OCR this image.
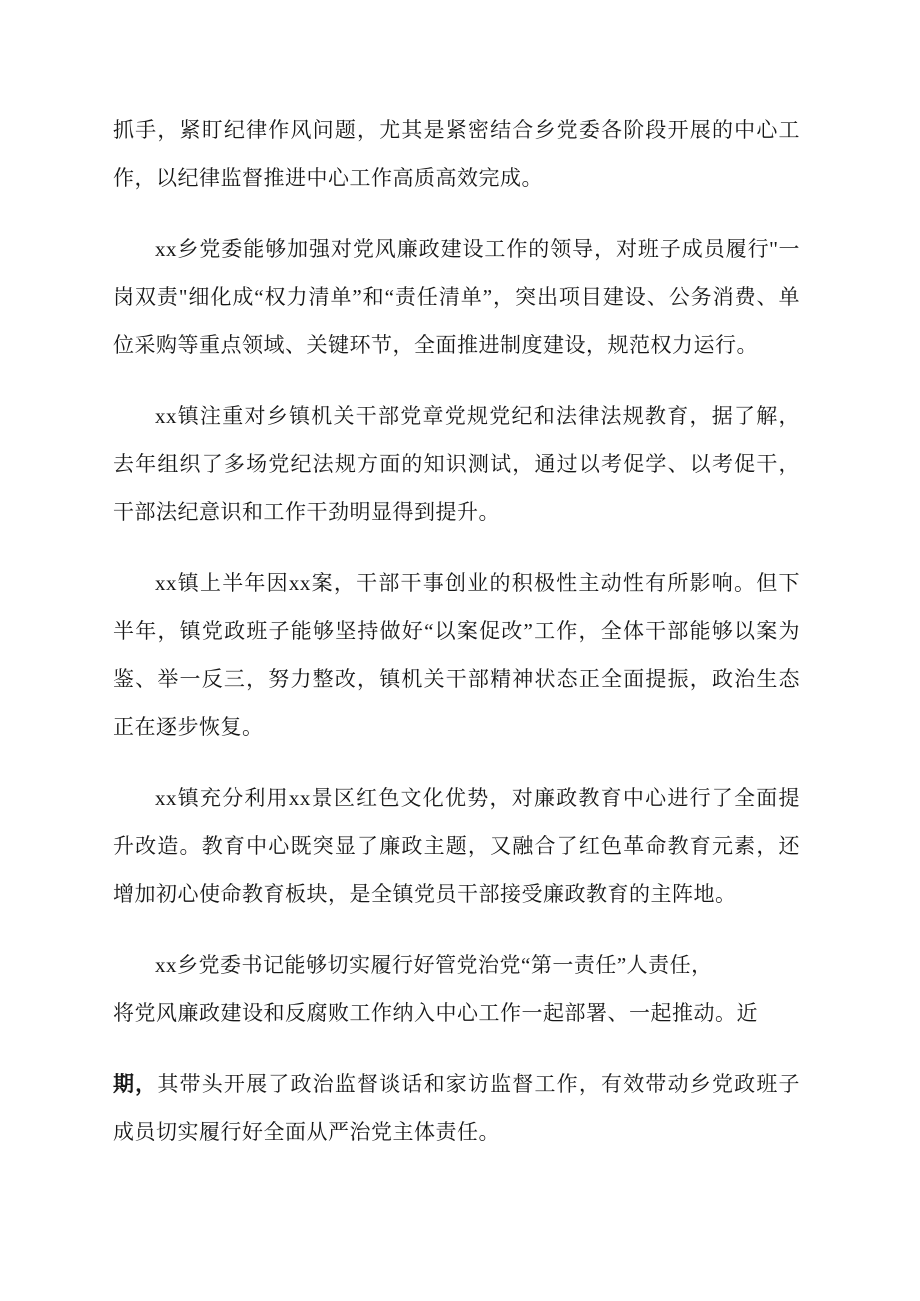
抓手，紧盯纪律作风问题，尤其是紧密结合乡党委各阶段开展的中心工作，以纪律监督推进中心工作高质高效完成。

xx乡党委能够加强对党风廉政建设工作的领导，对班子成员履行''一岗双责"细化成“权力清单”和“责任清单”，突出项目建设、公务消费、单位采购等重点领域、关键环节，全面推进制度建设，规范权力运行。

xx镇注重对乡镇机关干部党章党规党纪和法律法规教育，据了解，去年组织了多场党纪法规方面的知识测试，通过以考促学、以考促干，干部法纪意识和工作干劲明显得到提升。

xx镇上半年因xx案，干部干事创业的积极性主动性有所影响。但下半年，镇党政班子能够坚持做好“以案促改”工作，全体干部能够以案为鉴、举一反三，努力整改，镇机关干部精神状态正全面提振，政治生态正在逐步恢复。

xx镇充分利用xx景区红色文化优势，对廉政教育中心进行了全面提升改造。教育中心既突显了廉政主题，又融合了红色革命教育元素，还增加初心使命教育板块，是全镇党员干部接受廉政教育的主阵地。

xx乡党委书记能够切实履行好管党治党“第一责任”人责任，
将党风廉政建设和反腐败工作纳入中心工作一起部署、一起推动。近

期，其带头开展了政治监督谈话和家访监督工作，有效带动乡党政班子成员切实履行好全面从严治党主体责任。
